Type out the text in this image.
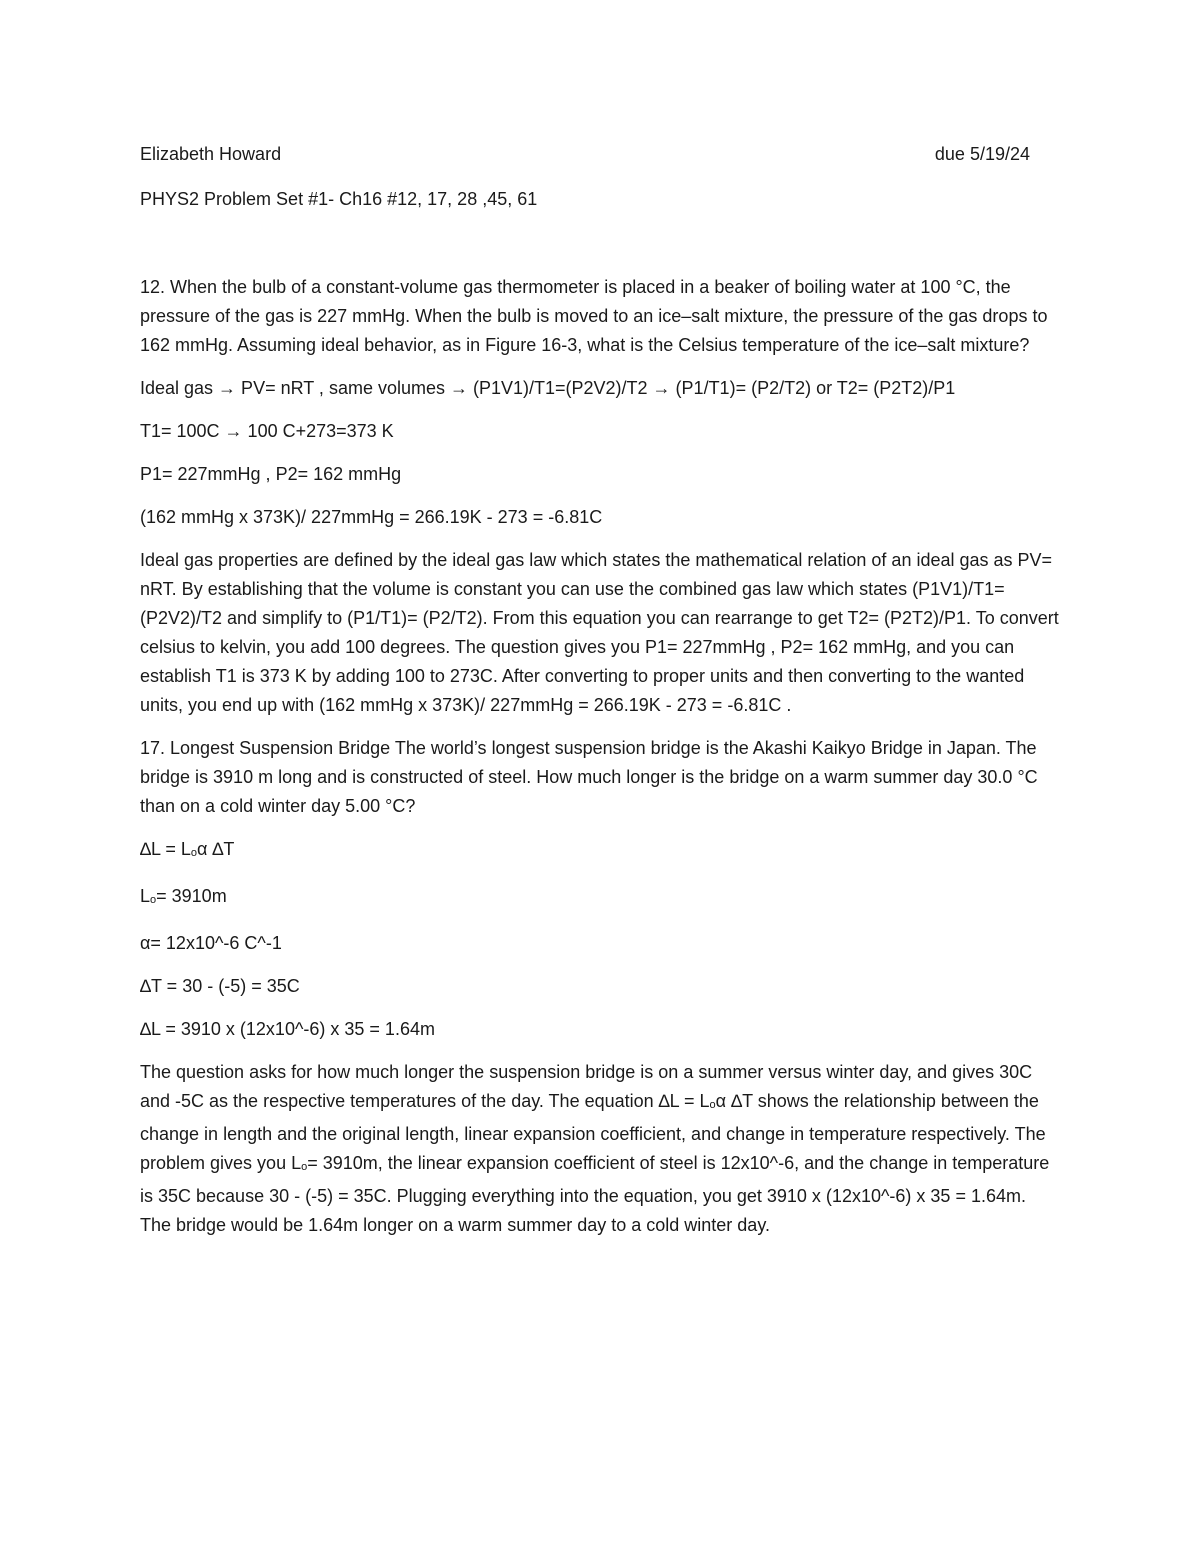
Elizabeth Howard	due 5/19/24

PHYS2 Problem Set #1- Ch16 #12, 17, 28 ,45, 61

12. When the bulb of a constant-volume gas thermometer is placed in a beaker of boiling water at 100 °C, the pressure of the gas is 227 mmHg. When the bulb is moved to an ice–salt mixture, the pressure of the gas drops to 162 mmHg. Assuming ideal behavior, as in Figure 16-3, what is the Celsius temperature of the ice–salt mixture?

Ideal gas → PV= nRT , same volumes → (P1V1)/T1=(P2V2)/T2 → (P1/T1)= (P2/T2) or T2= (P2T2)/P1

T1= 100C → 100 C+273=373 K

P1= 227mmHg , P2= 162 mmHg

(162 mmHg x 373K)/ 227mmHg = 266.19K - 273 = -6.81C

Ideal gas properties are defined by the ideal gas law which states the mathematical relation of an ideal gas as PV= nRT. By establishing that the volume is constant you can use the combined gas law which states (P1V1)/T1=(P2V2)/T2 and simplify to (P1/T1)= (P2/T2). From this equation you can rearrange to get T2= (P2T2)/P1. To convert celsius to kelvin, you add 100 degrees. The question gives you P1= 227mmHg , P2= 162 mmHg, and you can establish T1 is 373 K by adding 100 to 273C. After converting to proper units and then converting to the wanted units, you end up with (162 mmHg x 373K)/ 227mmHg = 266.19K - 273 = -6.81C .

17. Longest Suspension Bridge The world’s longest suspension bridge is the Akashi Kaikyo Bridge in Japan. The bridge is 3910 m long and is constructed of steel. How much longer is the bridge on a warm summer day 30.0 °C than on a cold winter day 5.00 °C?

∆L = Loα ∆T

Lo= 3910m

α= 12x10^-6 C^-1

∆T = 30 - (-5) = 35C

∆L = 3910 x (12x10^-6) x 35 = 1.64m

The question asks for how much longer the suspension bridge is on a summer versus winter day, and gives 30C and -5C as the respective temperatures of the day. The equation ∆L = Loα ∆T shows the relationship between the change in length and the original length, linear expansion coefficient, and change in temperature respectively. The problem gives you Lo= 3910m, the linear expansion coefficient of steel is 12x10^-6, and the change in temperature is 35C because 30 - (-5) = 35C. Plugging everything into the equation, you get 3910 x (12x10^-6) x 35 = 1.64m. The bridge would be 1.64m longer on a warm summer day to a cold winter day.
